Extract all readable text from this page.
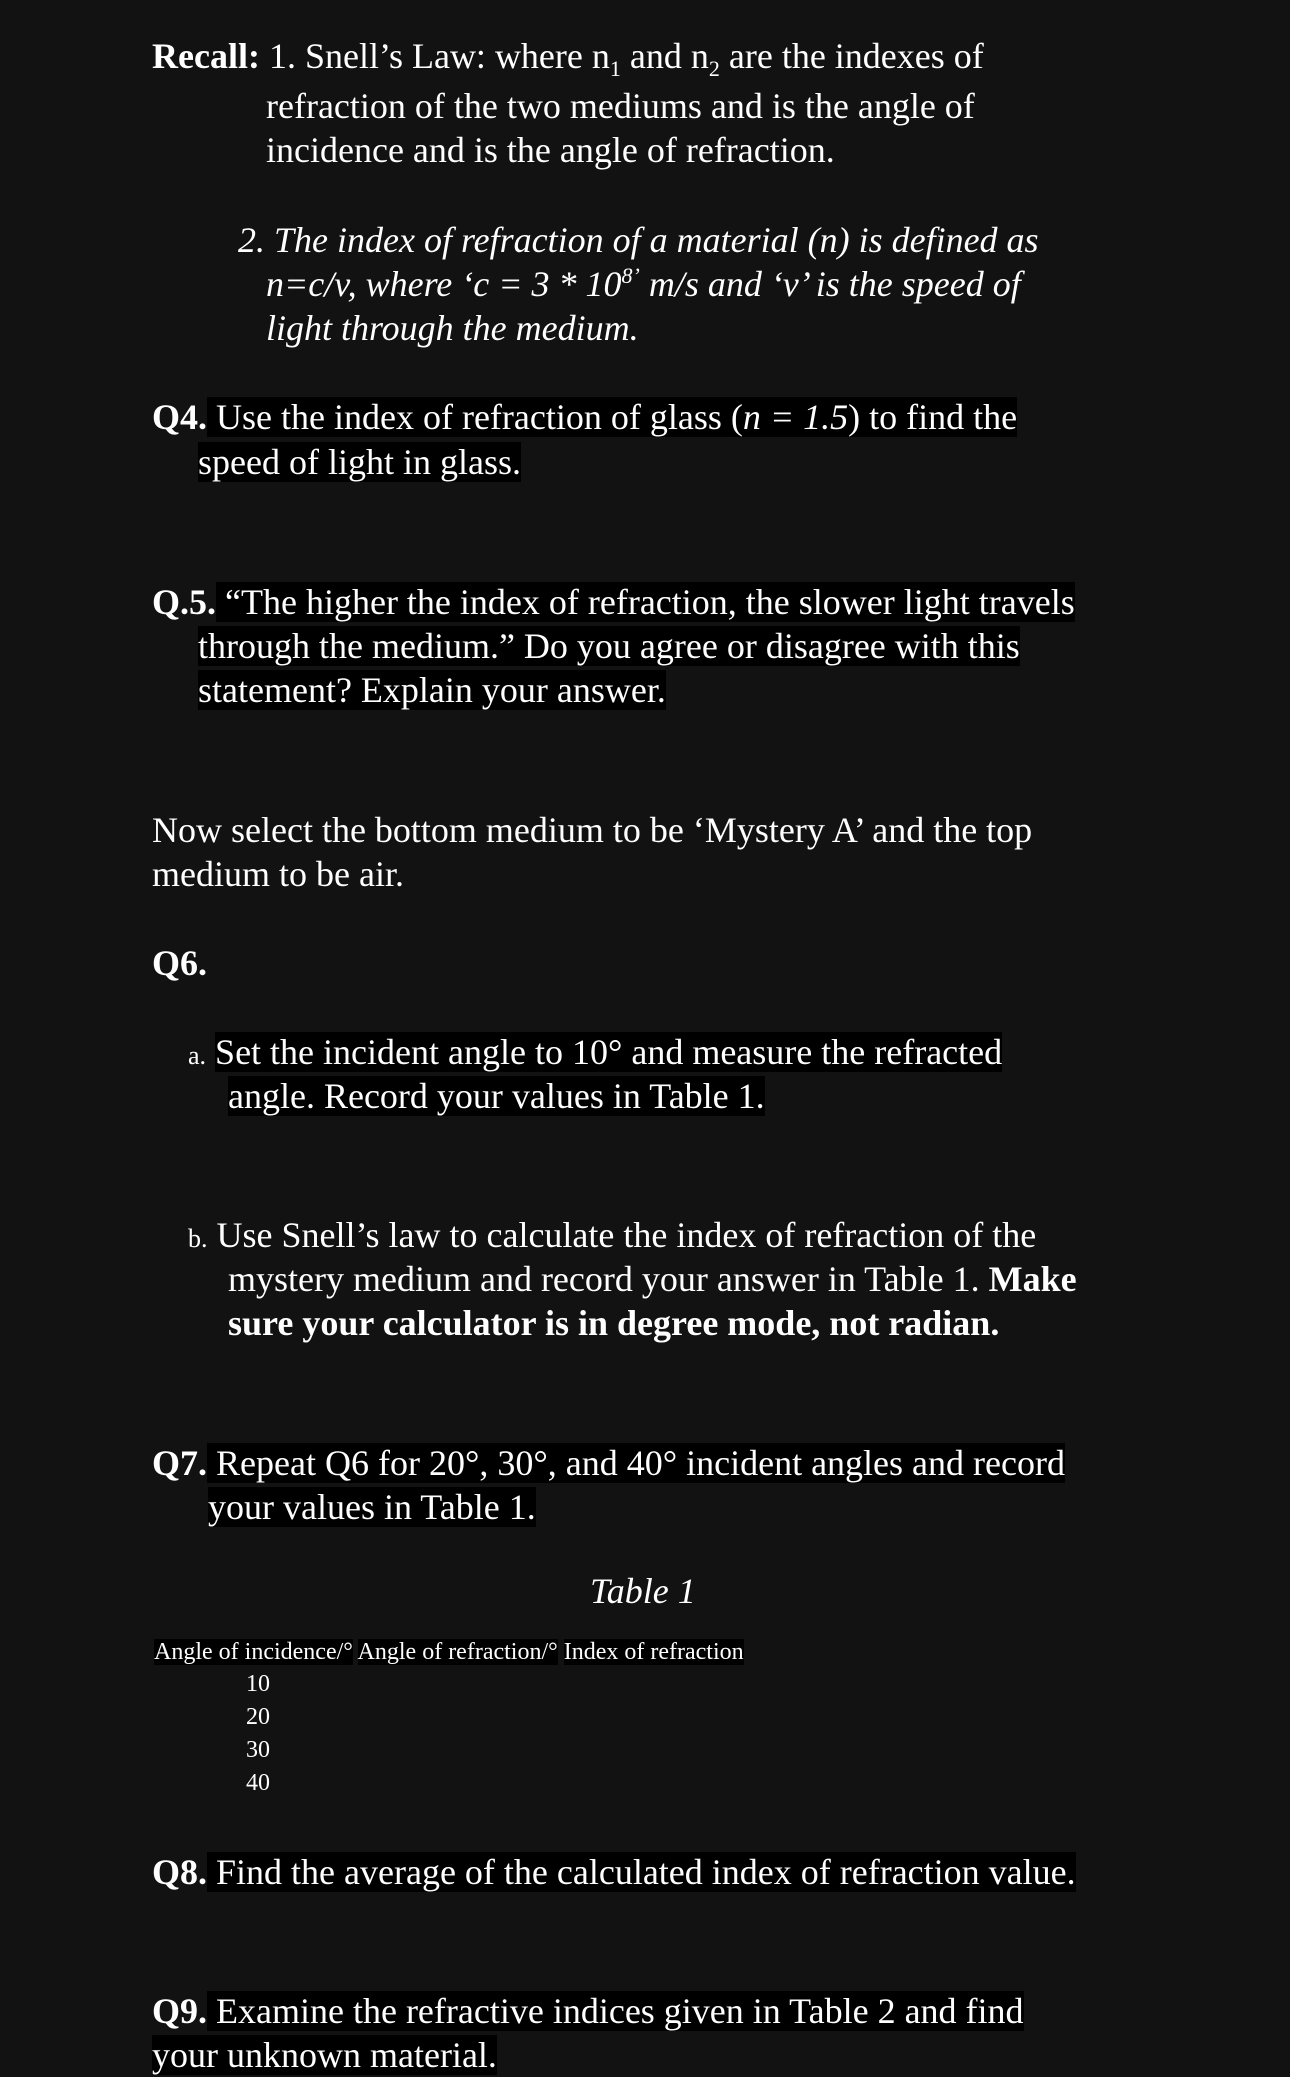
Recall: 1. Snell’s Law: where $n_1$ and $n_2$ are the indexes of

refraction of the two mediums and is the angle of

incidence and is the angle of refraction.

2. The index of refraction of a material (n) is defined as

n=c/v, where ‘$c = 3 * 10^{8’}$ m/s and ‘v’ is the speed of

light through the medium.

Q4. Use the index of refraction of glass (n = 1.5) to find the

speed of light in glass.

Q.5. “The higher the index of refraction, the slower light travels

through the medium.” Do you agree or disagree with this

statement? Explain your answer.

Now select the bottom medium to be ‘Mystery A’ and the top

medium to be air.

Q6.

a. Set the incident angle to 10° and measure the refracted

angle. Record your values in Table 1.

b. Use Snell’s law to calculate the index of refraction of the

mystery medium and record your answer in Table 1. Make

sure your calculator is in degree mode, not radian.

Q7. Repeat Q6 for 20°, 30°, and 40° incident angles and record

your values in Table 1.

Table 1
Angle of incidence/° Angle of refraction/° Index of refraction
10
20
30
40

Q8. Find the average of the calculated index of refraction value.

Q9. Examine the refractive indices given in Table 2 and find

your unknown material.
